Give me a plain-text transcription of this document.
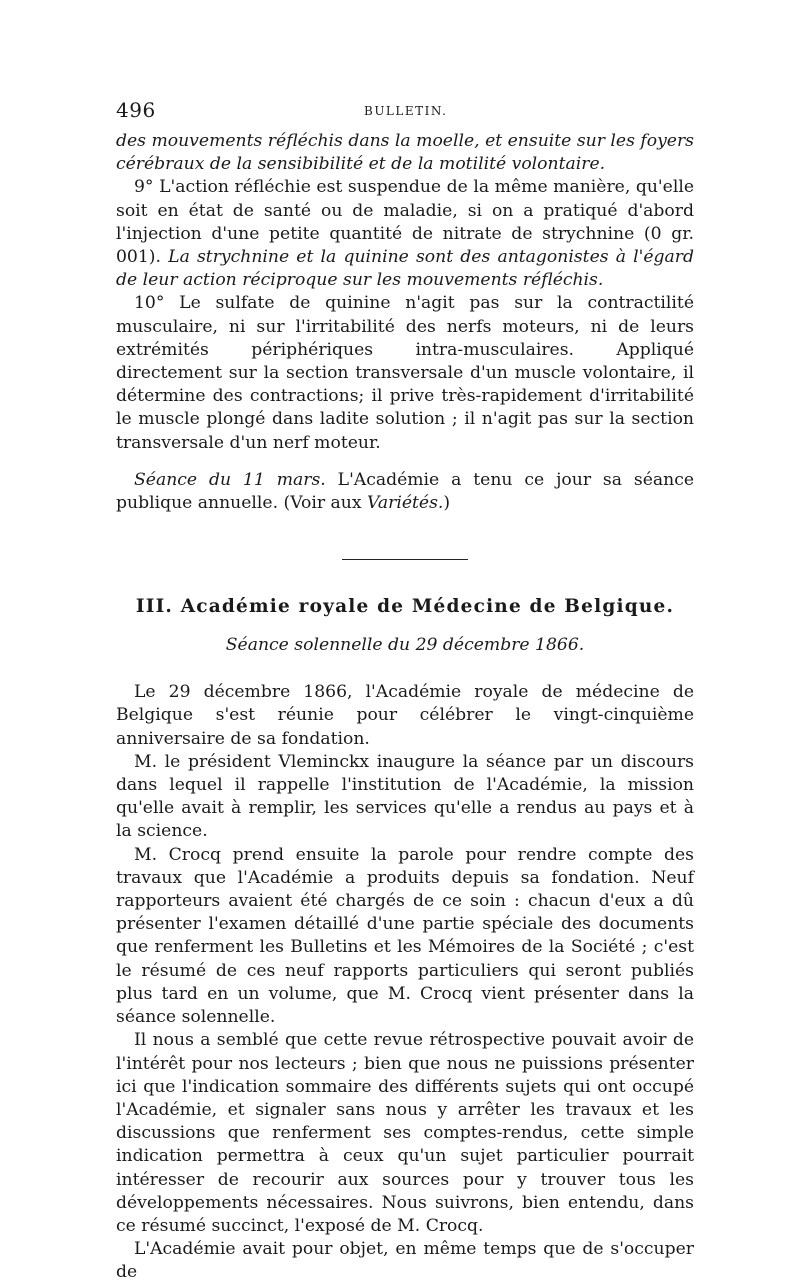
496	BULLETIN.

des mouvements réfléchis dans la moelle, et ensuite sur les foyers cérébraux de la sensibibilité et de la motilité volontaire.

9° L'action réfléchie est suspendue de la même manière, qu'elle soit en état de santé ou de maladie, si on a pratiqué d'abord l'injection d'une petite quantité de nitrate de strychnine (0 gr. 001). La strychnine et la quinine sont des antagonistes à l'égard de leur action réciproque sur les mouvements réfléchis.

10° Le sulfate de quinine n'agit pas sur la contractilité musculaire, ni sur l'irritabilité des nerfs moteurs, ni de leurs extrémités périphériques intra-musculaires. Appliqué directement sur la section transversale d'un muscle volontaire, il détermine des contractions; il prive très-rapidement d'irritabilité le muscle plongé dans ladite solution ; il n'agit pas sur la section transversale d'un nerf moteur.

Séance du 11 mars. L'Académie a tenu ce jour sa séance publique annuelle. (Voir aux Variétés.)

III. Académie royale de Médecine de Belgique.
Séance solennelle du 29 décembre 1866.

Le 29 décembre 1866, l'Académie royale de médecine de Belgique s'est réunie pour célébrer le vingt-cinquième anniversaire de sa fondation.

M. le président Vleminckx inaugure la séance par un discours dans lequel il rappelle l'institution de l'Académie, la mission qu'elle avait à remplir, les services qu'elle a rendus au pays et à la science.

M. Crocq prend ensuite la parole pour rendre compte des travaux que l'Académie a produits depuis sa fondation. Neuf rapporteurs avaient été chargés de ce soin : chacun d'eux a dû présenter l'examen détaillé d'une partie spéciale des documents que renferment les Bulletins et les Mémoires de la Société ; c'est le résumé de ces neuf rapports particuliers qui seront publiés plus tard en un volume, que M. Crocq vient présenter dans la séance solennelle.

Il nous a semblé que cette revue rétrospective pouvait avoir de l'intérêt pour nos lecteurs ; bien que nous ne puissions présenter ici que l'indication sommaire des différents sujets qui ont occupé l'Académie, et signaler sans nous y arrêter les travaux et les discussions que renferment ses comptes-rendus, cette simple indication permettra à ceux qu'un sujet particulier pourrait intéresser de recourir aux sources pour y trouver tous les développements nécessaires. Nous suivrons, bien entendu, dans ce résumé succinct, l'exposé de M. Crocq.

L'Académie avait pour objet, en même temps que de s'occuper de
